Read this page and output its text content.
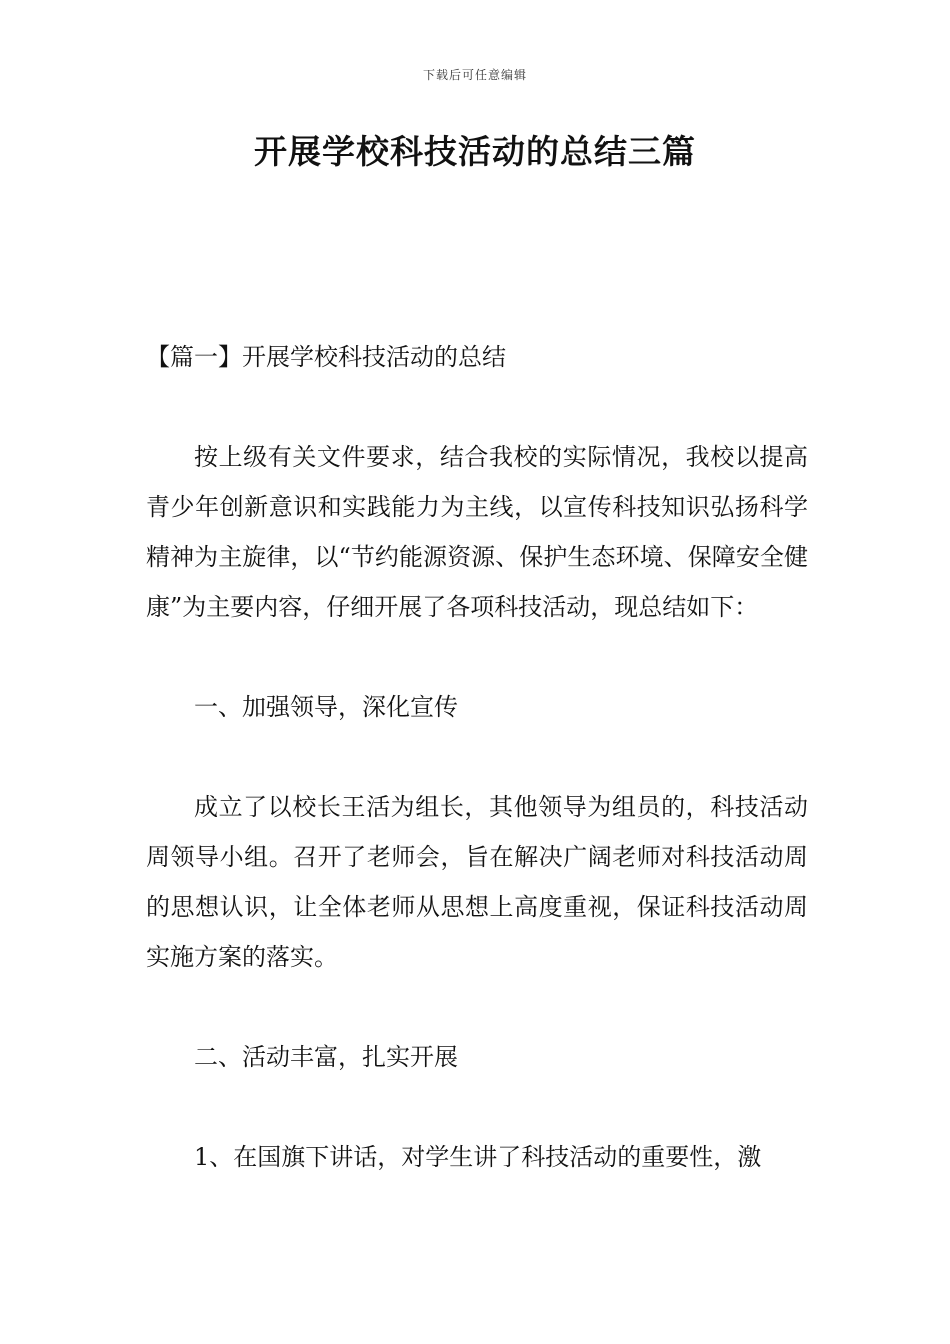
下载后可任意编辑
开展学校科技活动的总结三篇

【篇一】开展学校科技活动的总结

按上级有关文件要求，结合我校的实际情况，我校以提高青少年创新意识和实践能力为主线，以宣传科技知识弘扬科学精神为主旋律，以“节约能源资源、保护生态环境、保障安全健康”为主要内容，仔细开展了各项科技活动，现总结如下：

一、加强领导，深化宣传

成立了以校长王活为组长，其他领导为组员的，科技活动周领导小组。召开了老师会，旨在解决广阔老师对科技活动周的思想认识，让全体老师从思想上高度重视，保证科技活动周实施方案的落实。

二、活动丰富，扎实开展

1、在国旗下讲话，对学生讲了科技活动的重要性，激
